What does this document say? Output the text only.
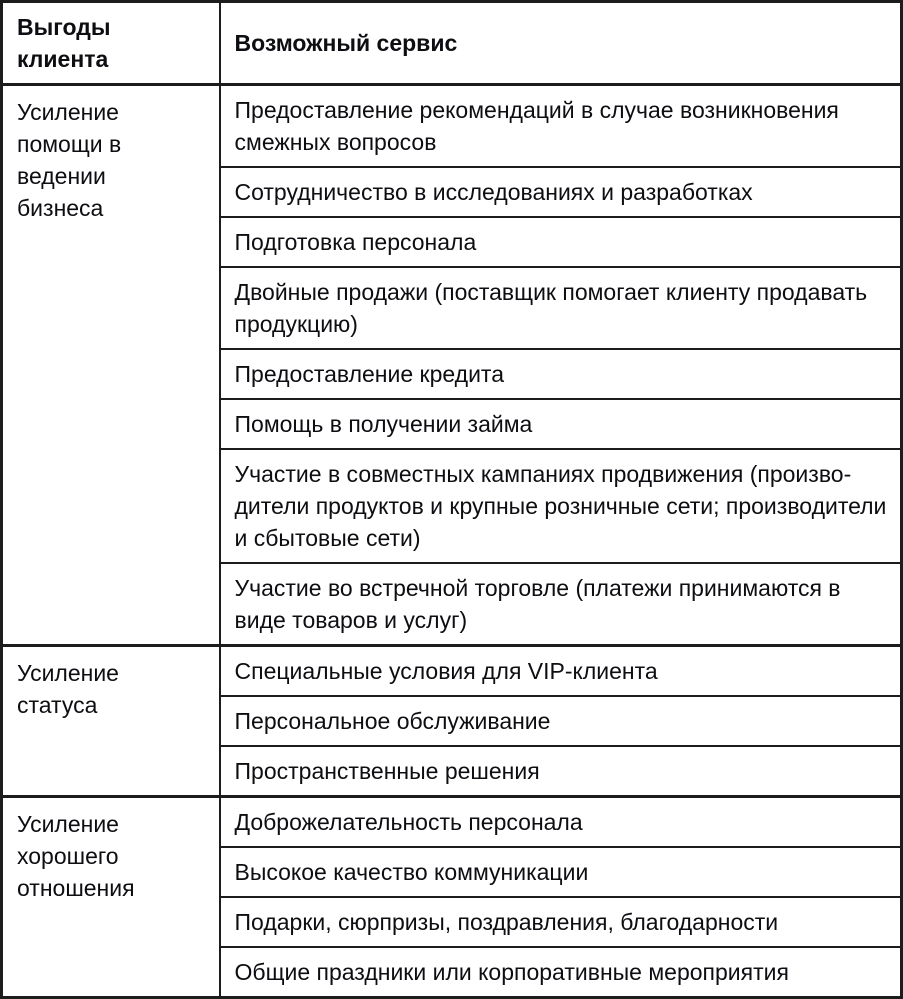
Выгоды клиента	Возможный сервис

Усиление помощи в ведении бизнеса	Предоставление рекомендаций в случае возникновения смежных вопросов
	Сотрудничество в исследованиях и разработках
	Подготовка персонала
	Двойные продажи (поставщик помогает клиенту продавать продукцию)
	Предоставление кредита
	Помощь в получении займа
	Участие в совместных кампаниях продвижения (производители продуктов и крупные розничные сети; производители и сбытовые сети)
	Участие во встречной торговле (платежи принимаются в виде товаров и услуг)

Усиление статуса	Специальные условия для VIP-клиента
	Персональное обслуживание
	Пространственные решения

Усиление хорошего отношения	Доброжелательность персонала
	Высокое качество коммуникации
	Подарки, сюрпризы, поздравления, благодарности
	Общие праздники или корпоративные мероприятия
